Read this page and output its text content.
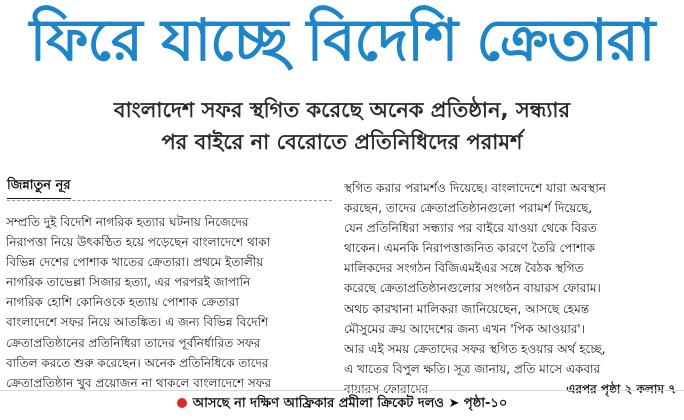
ফিরে যাচ্ছে বিদেশি ক্রেতারা
বাংলাদেশ সফর স্থগিত করেছে অনেক প্রতিষ্ঠান, সন্ধ্যার
পর বাইরে না বেরোতে প্রতিনিধিদের পরামর্শ
জিন্নাতুন নূর
সম্প্রতি দুই বিদেশি নাগরিক হত্যার ঘটনায় নিজেদের
নিরাপত্তা নিয়ে উৎকণ্ঠিত হয়ে পড়েছেন বাংলাদেশে থাকা
বিভিন্ন দেশের পোশাক খাতের ক্রেতারা। প্রথমে ইতালীয়
নাগরিক তাভেল্লা সিজার হত্যা, এর পরপরই জাপানি
নাগরিক হোশি কোনিওকে হত্যায় পোশাক ক্রেতারা
বাংলাদেশে সফর নিয়ে আতঙ্কিত। এ জন্য বিভিন্ন বিদেশি
ক্রেতাপ্রতিষ্ঠানের প্রতিনিধিরা তাদের পূর্বনির্ধারিত সফর
বাতিল করতে শুরু করেছেন। অনেক প্রতিনিধিকে তাদের
ক্রেতাপ্রতিষ্ঠান খুব প্রয়োজন না থাকলে বাংলাদেশে সফর
স্থগিত করার পরামর্শও দিয়েছে। বাংলাদেশে যারা অবস্থান
করছেন, তাদের ক্রেতাপ্রতিষ্ঠানগুলো পরামর্শ দিয়েছে,
যেন প্রতিনিধিরা সন্ধ্যার পর বাইরে যাওয়া থেকে বিরত
থাকেন। এমনকি নিরাপত্তাজনিত কারণে তৈরি পোশাক
মালিকদের সংগঠন বিজিএমইএর সঙ্গে বৈঠক স্থগিত
করেছে ক্রেতাপ্রতিষ্ঠানগুলোর সংগঠন বায়ারস ফোরাম।
অথচ কারখানা মালিকরা জানিয়েছেন, আসছে হেমন্ত
মৌসুমের ক্রয় আদেশের জন্য এখন 'পিক আওয়ার'।
আর এই সময় ক্রেতাদের সফর স্থগিত হওয়ার অর্থ হচ্ছে,
এ খাতের বিপুল ক্ষতি। সূত্র জানায়, প্রতি মাসে একবার
বায়ারস ফোরামের	এরপর পৃষ্ঠা ২ কলাম ৭
আসছে না দক্ষিণ আফ্রিকার প্রমীলা ক্রিকেট দলও ➤ পৃষ্ঠা-১০
